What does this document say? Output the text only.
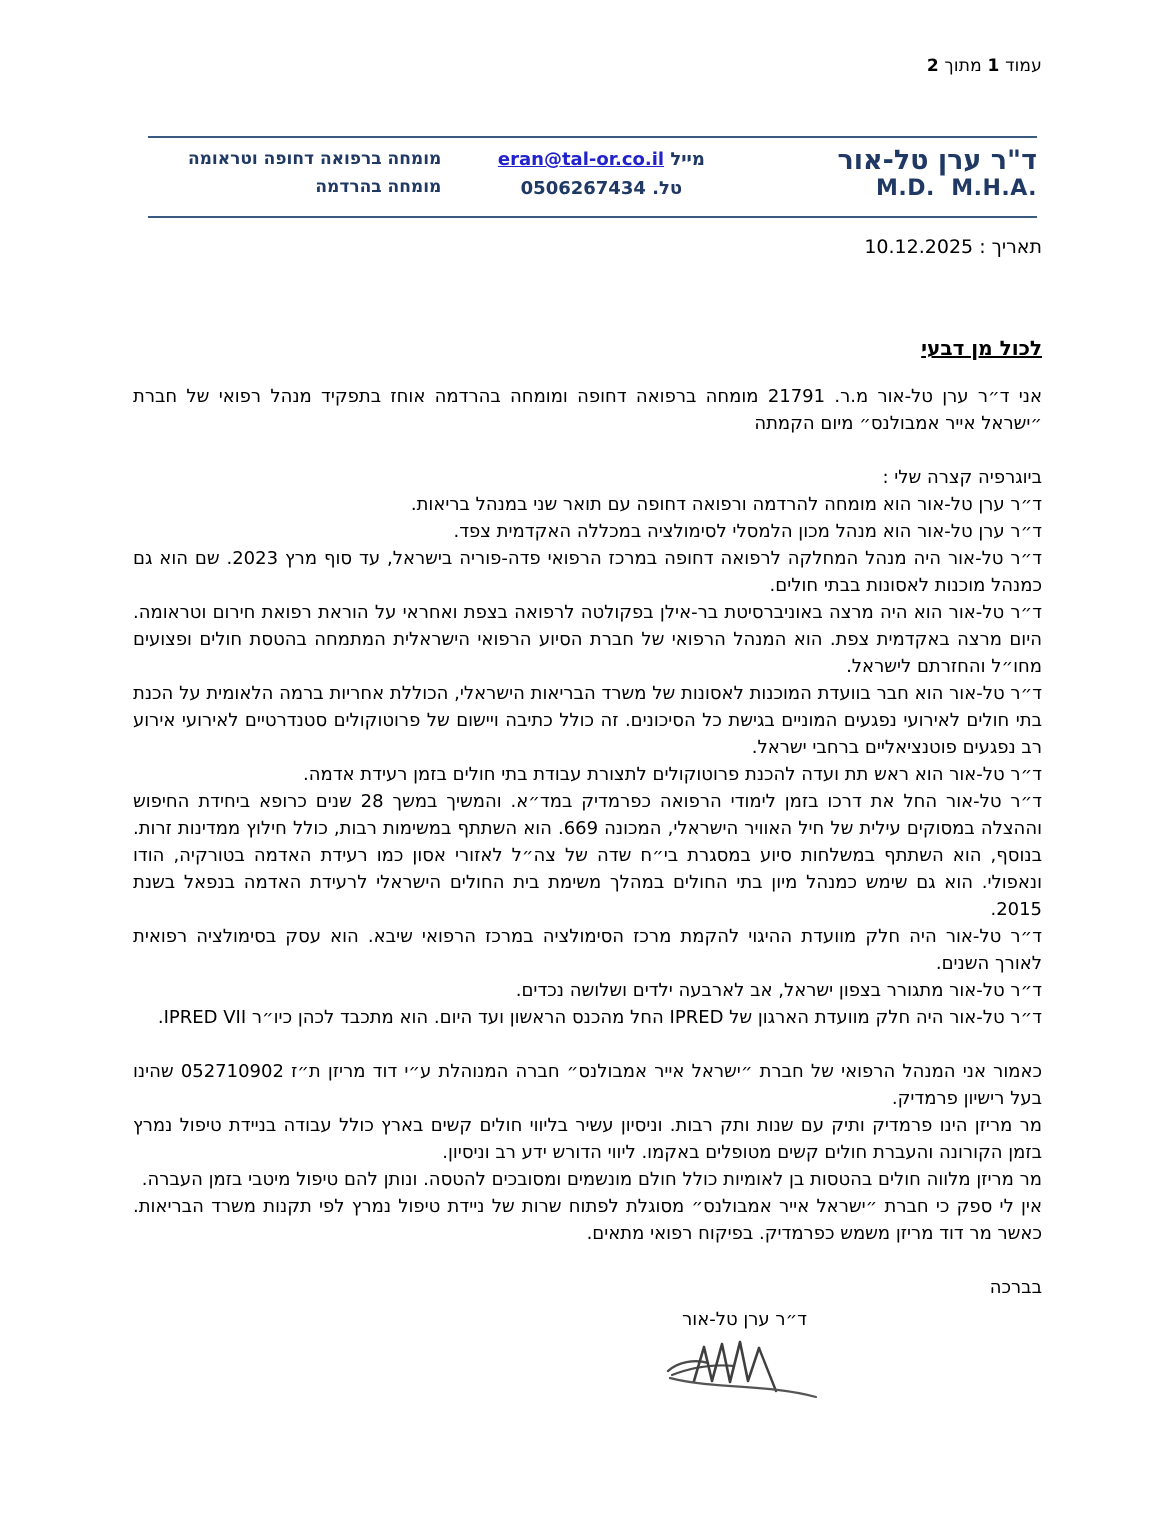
עמוד 1 מתוך 2
ד"ר ערן טל-אור
M.D.  M.H.A.
מייל eran@tal-or.co.il
טל. 0506267434
מומחה ברפואה דחופה וטראומה
מומחה בהרדמה
תאריך : 10.12.2025
לכול מן דבעי

אני ד״ר ערן טל-אור מ.ר. 21791 מומחה ברפואה דחופה ומומחה בהרדמה אוחז בתפקיד מנהל רפואי של חברת ״ישראל אייר אמבולנס״ מיום הקמתה

ביוגרפיה קצרה שלי :

ד״ר ערן טל-אור הוא מומחה להרדמה ורפואה דחופה עם תואר שני במנהל בריאות.

ד״ר ערן טל-אור הוא מנהל מכון הלמסלי לסימולציה במכללה האקדמית צפד.

ד״ר טל-אור היה מנהל המחלקה לרפואה דחופה במרכז הרפואי פדה-פוריה בישראל, עד סוף מרץ 2023. שם הוא גם כמנהל מוכנות לאסונות בבתי חולים.

ד״ר טל-אור הוא היה מרצה באוניברסיטת בר-אילן בפקולטה לרפואה בצפת ואחראי על הוראת רפואת חירום וטראומה. היום מרצה באקדמית צפת. הוא המנהל הרפואי של חברת הסיוע הרפואי הישראלית המתמחה בהטסת חולים ופצועים מחו״ל והחזרתם לישראל.

ד״ר טל-אור הוא חבר בוועדת המוכנות לאסונות של משרד הבריאות הישראלי, הכוללת אחריות ברמה הלאומית על הכנת בתי חולים לאירועי נפגעים המוניים בגישת כל הסיכונים. זה כולל כתיבה ויישום של פרוטוקולים סטנדרטיים לאירועי אירוע רב נפגעים פוטנציאליים ברחבי ישראל.

ד״ר טל-אור הוא ראש תת ועדה להכנת פרוטוקולים לתצורת עבודת בתי חולים בזמן רעידת אדמה.

ד״ר טל-אור החל את דרכו בזמן לימודי הרפואה כפרמדיק במד״א. והמשיך במשך 28 שנים כרופא ביחידת החיפוש וההצלה במסוקים עילית של חיל האוויר הישראלי, המכונה 669. הוא השתתף במשימות רבות, כולל חילוץ ממדינות זרות. בנוסף, הוא השתתף במשלחות סיוע במסגרת בי״ח שדה של צה״ל לאזורי אסון כמו רעידת האדמה בטורקיה, הודו ונאפולי. הוא גם שימש כמנהל מיון בתי החולים במהלך משימת בית החולים הישראלי לרעידת האדמה בנפאל בשנת 2015.

ד״ר טל-אור היה חלק מוועדת ההיגוי להקמת מרכז הסימולציה במרכז הרפואי שיבא. הוא עסק בסימולציה רפואית לאורך השנים.

ד״ר טל-אור מתגורר בצפון ישראל, אב לארבעה ילדים ושלושה נכדים.

ד״ר טל-אור היה חלק מוועדת הארגון של IPRED החל מהכנס הראשון ועד היום. הוא מתכבד לכהן כיו״ר IPRED VII.

כאמור אני המנהל הרפואי של חברת ״ישראל אייר אמבולנס״ חברה המנוהלת ע״י דוד מריזן ת״ז 052710902 שהינו בעל רישיון פרמדיק.

מר מריזן הינו פרמדיק ותיק עם שנות ותק רבות. וניסיון עשיר בליווי חולים קשים בארץ כולל עבודה בניידת טיפול נמרץ בזמן הקורונה והעברת חולים קשים מטופלים באקמו. ליווי הדורש ידע רב וניסיון.

מר מריזן מלווה חולים בהטסות בן לאומיות כולל חולם מונשמים ומסובכים להטסה. ונותן להם טיפול מיטבי בזמן העברה.

אין לי ספק כי חברת ״ישראל אייר אמבולנס״ מסוגלת לפתוח שרות של ניידת טיפול נמרץ לפי תקנות משרד הבריאות. כאשר מר דוד מריזן משמש כפרמדיק. בפיקוח רפואי מתאים.

בברכה

ד״ר ערן טל-אור
